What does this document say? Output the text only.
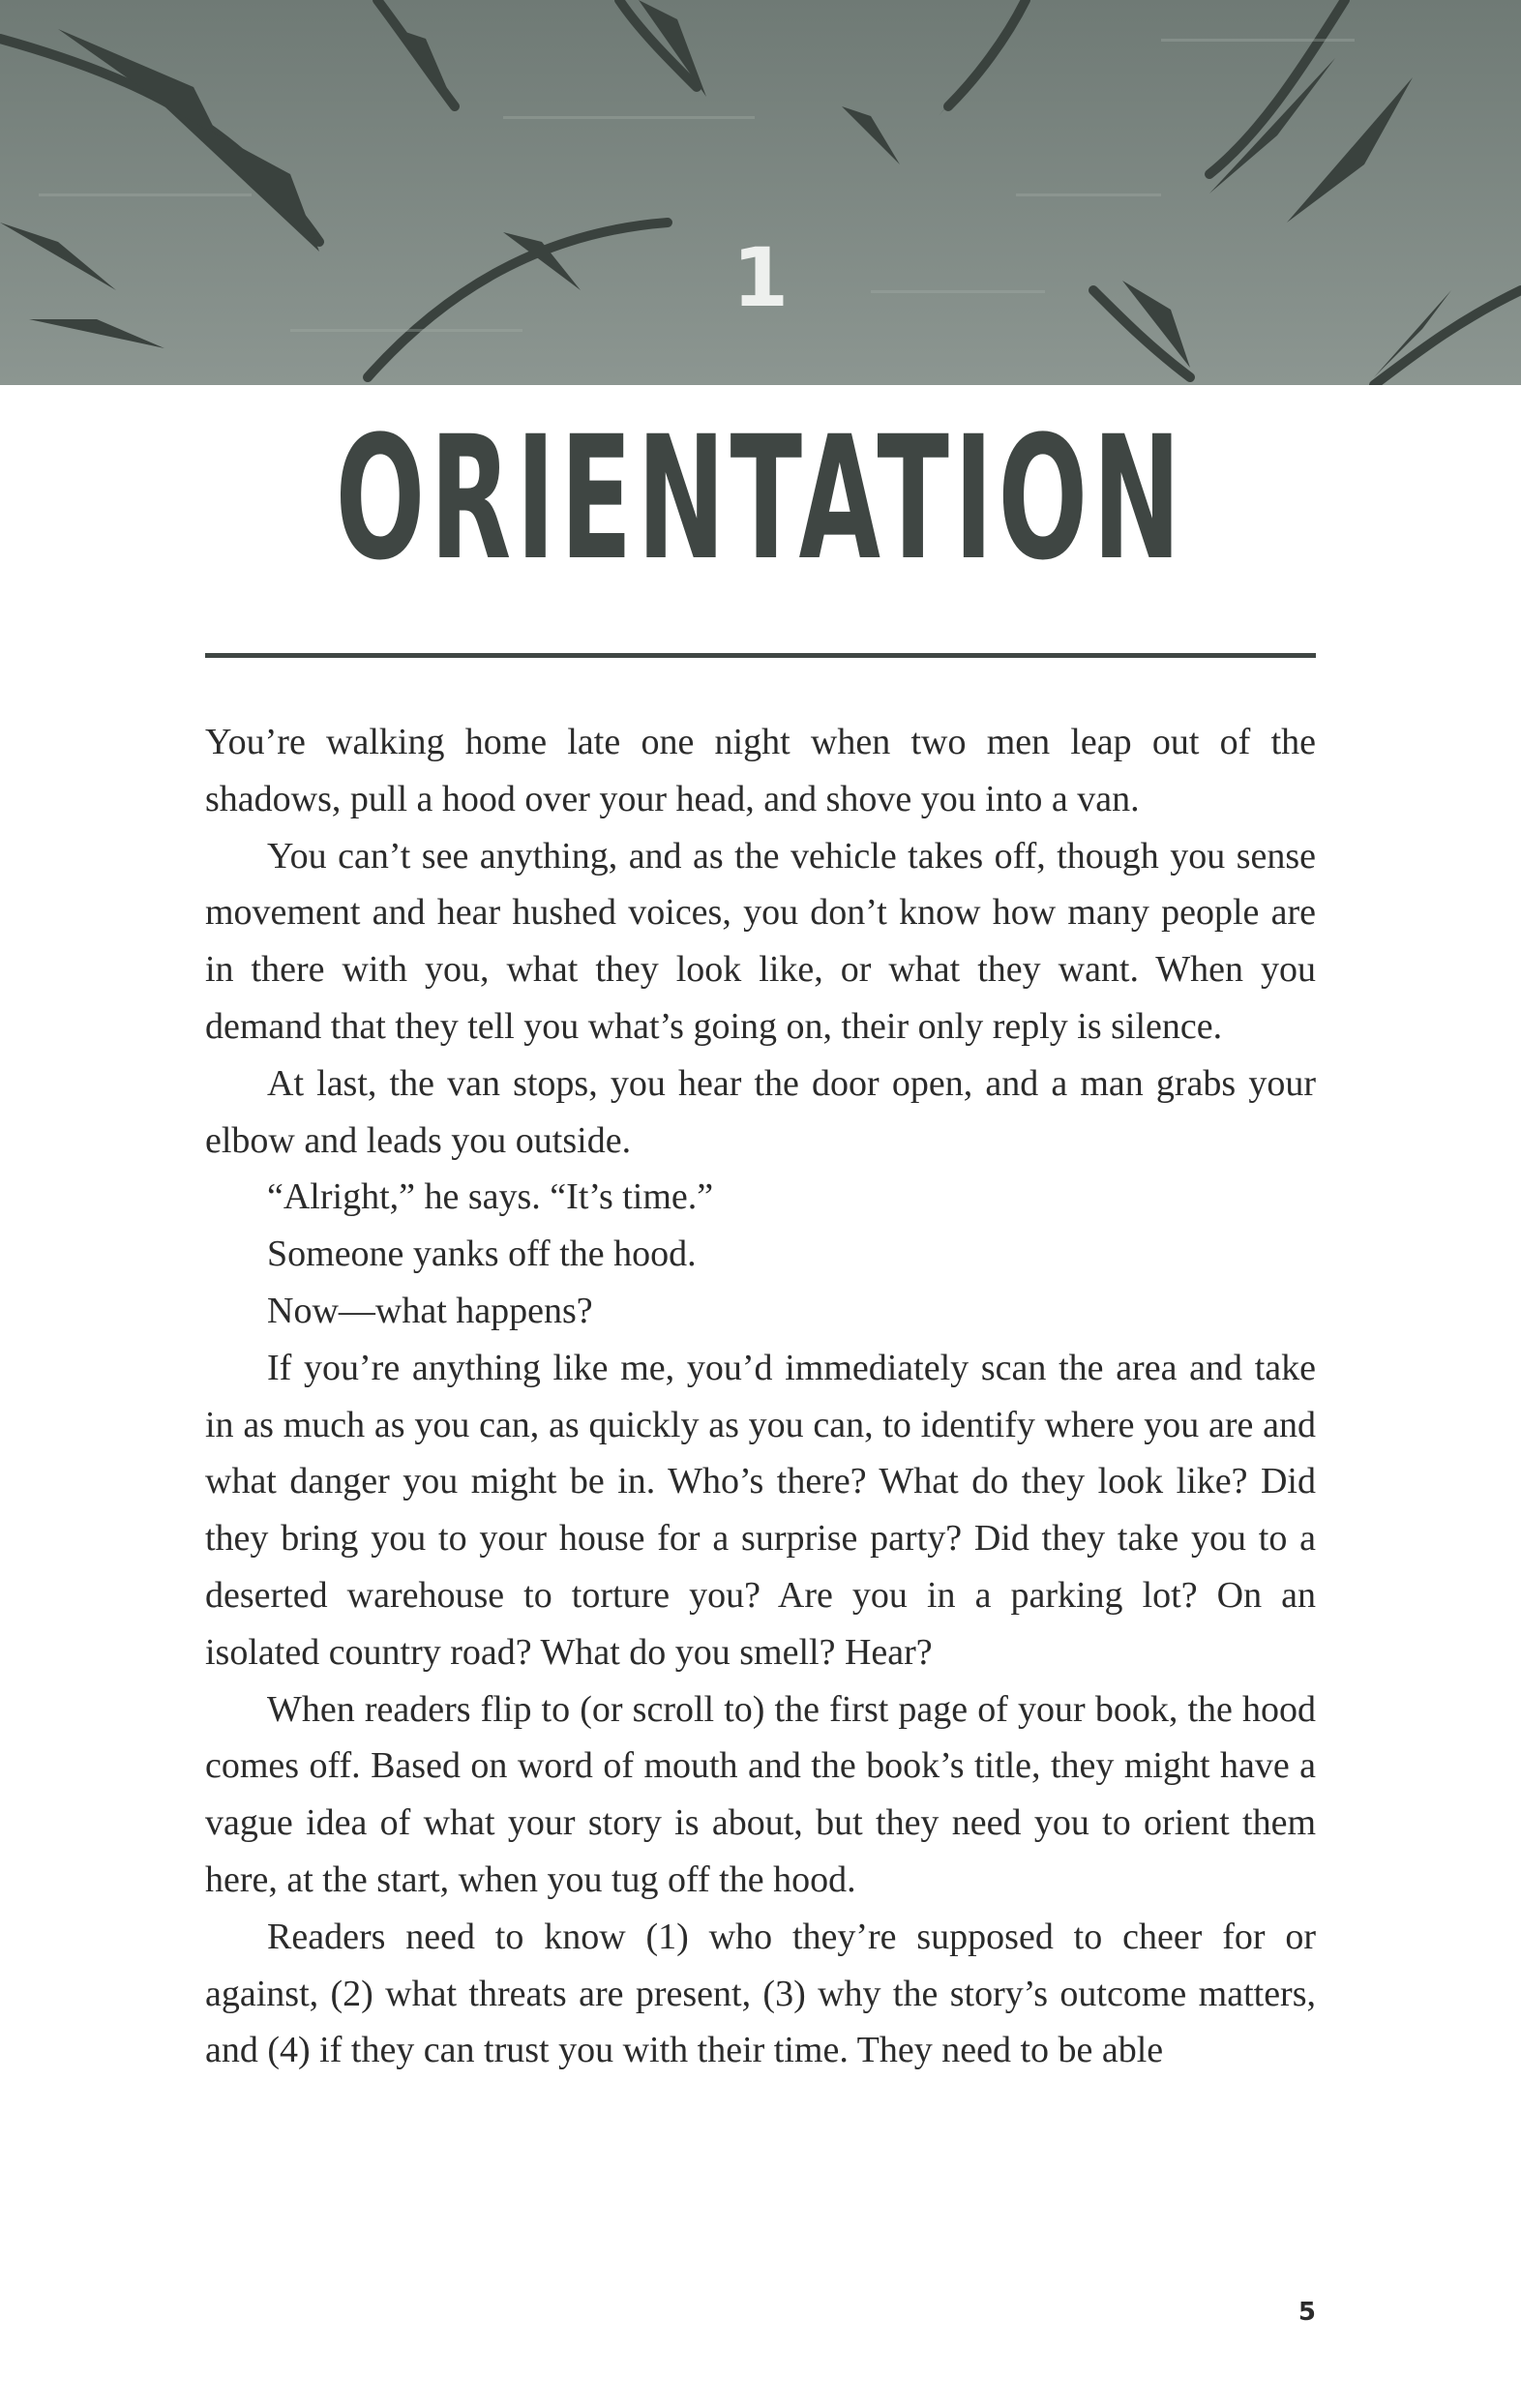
1
ORIENTATION

You’re walking home late one night when two men leap out of the shadows, pull a hood over your head, and shove you into a van.

You can’t see anything, and as the vehicle takes off, though you sense movement and hear hushed voices, you don’t know how many people are in there with you, what they look like, or what they want. When you demand that they tell you what’s going on, their only reply is silence.

At last, the van stops, you hear the door open, and a man grabs your elbow and leads you outside.

“Alright,” he says. “It’s time.”

Someone yanks off the hood.

Now—what happens?

If you’re anything like me, you’d immediately scan the area and take in as much as you can, as quickly as you can, to identify where you are and what danger you might be in. Who’s there? What do they look like? Did they bring you to your house for a surprise party? Did they take you to a deserted warehouse to torture you? Are you in a parking lot? On an isolated country road? What do you smell? Hear?

When readers flip to (or scroll to) the first page of your book, the hood comes off. Based on word of mouth and the book’s title, they might have a vague idea of what your story is about, but they need you to orient them here, at the start, when you tug off the hood.

Readers need to know (1) who they’re supposed to cheer for or against, (2) what threats are present, (3) why the story’s outcome matters, and (4) if they can trust you with their time. They need to be able

5
